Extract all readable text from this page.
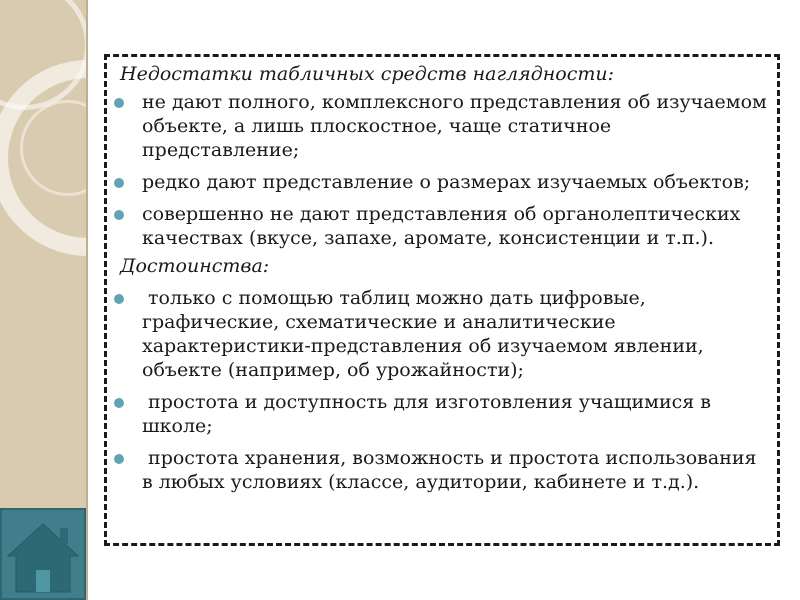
Недостатки табличных средств наглядности:
не дают полного, комплексного представления об изучаемом объекте, а лишь плоскостное, чаще статичное представление;
редко дают представление о размерах изучаемых объектов;
совершенно не дают представления об органолептических качествах (вкусе, запахе, аромате, консистенции и т.п.).
Достоинства:
только с помощью таблиц можно дать цифровые, графические, схематические и аналитические характеристики-представления об изучаемом явлении, объекте (например, об урожайности);
простота и доступность для изготовления учащимися в школе;
простота хранения, возможность и простота использования в любых условиях (классе, аудитории, кабинете и т.д.).
